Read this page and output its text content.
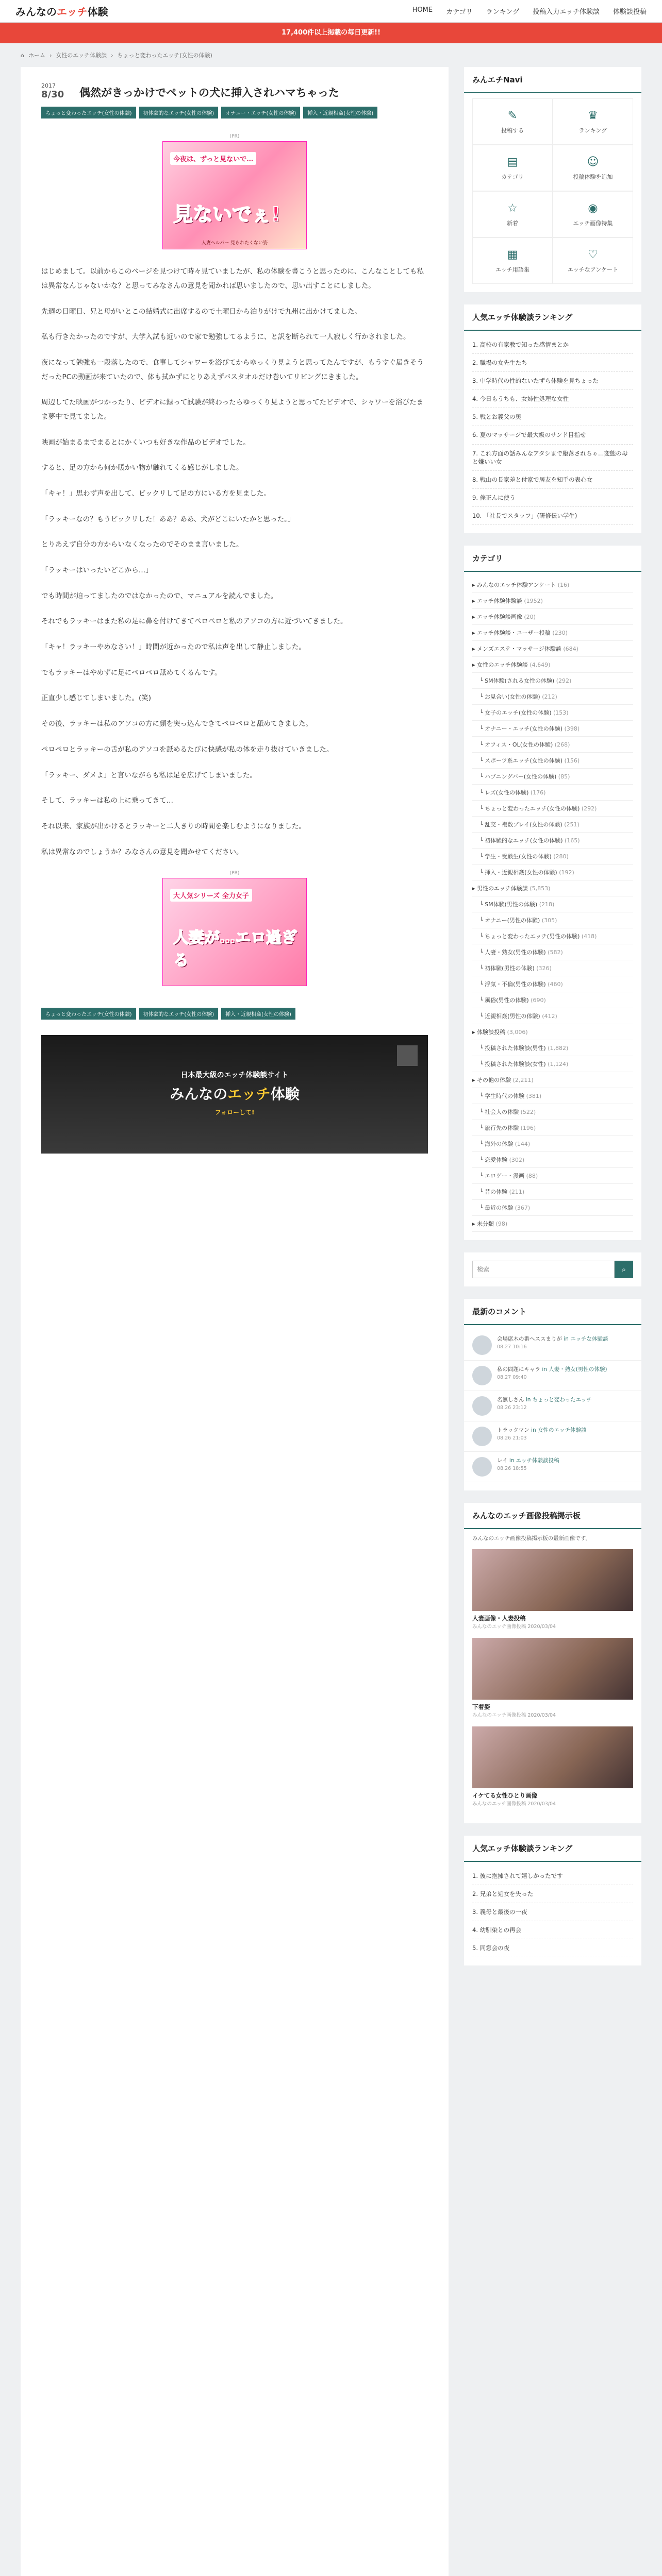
みんなのエッチ体験	HOME カテゴリ ランキング 投稿入力エッチ体験談 体験談投稿
17,400件以上掲載の毎日更新!!
⌂ ホーム › 女性のエッチ体験談 › ちょっと変わったエッチ(女性の体験)
2017
8/30	偶然がきっかけでペットの犬に挿入されハマちゃった
ちょっと変わったエッチ(女性の体験)	初体験的なエッチ(女性の体験)	オナニー・エッチ(女性の体験)	挿入・近親相姦(女性の体験)
(PR)
今夜は、ずっと見ないで…
見ないでぇ!
人妻ヘルパー 見られたくない姿

はじめまして。以前からこのページを見つけて時々見ていましたが、私の体験を書こうと思ったのに、こんなことしても私は異常なんじゃないかな？と思ってみなさんの意見を聞かれば思いましたので、思い出すことにしました。

先週の日曜日、兄と母がいとこの結婚式に出席するので土曜日から泊りがけで九州に出かけてました。

私も行きたかったのですが、大学入試も近いので家で勉強してるように、と訳を断られて一人寂しく行かされました。

夜になって勉強も一段落したので、食事してシャワーを浴びてからゆっくり見ようと思ってたんですが、もうすぐ届きそうだったPCの動画が来ていたので、体も拭かずにとりあえずバスタオルだけ巻いてリビングにきました。

周辺してた映画がつかったり、ビデオに録って試験が終わったらゆっくり見ようと思ってたビデオで、シャワーを浴びたまま夢中で見てました。

映画が始まるまでまるとにかくいつも好きな作品のビデオでした。

すると、足の方から何か暖かい物が触れてくる感じがしました。

「キャ！」思わず声を出して、ビックリして足の方にいる方を見ました。

「ラッキーなの？もうビックリした！ああ？ああ、犬がどこにいたかと思った。」

とりあえず自分の方からいなくなったのでそのまま言いました。

「ラッキーはいったいどこから…」

でも時間が迫ってましたのではなかったので、マニュアルを読んでました。

それでもラッキーはまた私の足に鼻を付けてきてペロペロと私のアソコの方に近づいてきました。

「キャ！ラッキーやめなさい！」時間が近かったので私は声を出して静止しました。

でもラッキーはやめずに足にペロペロ舐めてくるんです。

正直少し感じてしまいました。(笑)

その後、ラッキーは私のアソコの方に顔を突っ込んできてペロペロと舐めてきました。

ペロペロとラッキーの舌が私のアソコを舐めるたびに快感が私の体を走り抜けていきました。

「ラッキー、ダメよ」と言いながらも私は足を広げてしまいました。

そして、ラッキーは私の上に乗ってきて…

それ以来、家族が出かけるとラッキーと二人きりの時間を楽しむようになりました。

私は異常なのでしょうか？みなさんの意見を聞かせてください。

(PR)
大人気シリーズ 全力女子
人妻が…エロ過ぎる
ちょっと変わったエッチ(女性の体験)	初体験的なエッチ(女性の体験)	挿入・近親相姦(女性の体験)
日本最大級のエッチ体験談サイト
みんなのエッチ体験
フォローして!
みんエチNavi
✎
投稿する
♛
ランキング
▤
カテゴリ
☺
投稿体験を追加
☆
新着
◉
エッチ画像特集
▦
エッチ用語集
♡
エッチなアンケート
人気エッチ体験談ランキング
1. 高校の有家教で知った感情まとか
2. 職場の女先生たち
3. 中学時代の性的ないたずら体験を見ちょった
4. 今日もうちも、女姉性処理な女性
5. 戦とお義父の奥
6. 夏のマッサージで最大級のサンド目指せ
7. これ方面の話みんなアタシまで堕落されちゃ…変態の母と嫌いい女
8. 戦山の長家差と付家で居友を知手の表心女
9. 俺正んに使う
10. 「社長でスタッフ」(研修伝い学生)
カテゴリ
▸ みんなのエッチ体験アンケート (16)
▸ エッチ体験体験談 (1952)
▸ エッチ体験談画像 (20)
▸ エッチ体験談・ユーザー投稿 (230)
▸ メンズエステ・マッサージ体験談 (684)
▸ 女性のエッチ体験談 (4,649)
└ SM体験(される女性の体験) (292)
└ お見合い(女性の体験) (212)
└ 女子のエッチ(女性の体験) (153)
└ オナニー・エッチ(女性の体験) (398)
└ オフィス・OL(女性の体験) (268)
└ スポーツ系エッチ(女性の体験) (156)
└ ハプニングバー(女性の体験) (85)
└ レズ(女性の体験) (176)
└ ちょっと変わったエッチ(女性の体験) (292)
└ 乱交・複数プレイ(女性の体験) (251)
└ 初体験的なエッチ(女性の体験) (165)
└ 学生・受験生(女性の体験) (280)
└ 挿入・近親相姦(女性の体験) (192)
▸ 男性のエッチ体験談 (5,853)
└ SM体験(男性の体験) (218)
└ オナニー(男性の体験) (305)
└ ちょっと変わったエッチ(男性の体験) (418)
└ 人妻・熟女(男性の体験) (582)
└ 初体験(男性の体験) (326)
└ 浮気・不倫(男性の体験) (460)
└ 風俗(男性の体験) (690)
└ 近親相姦(男性の体験) (412)
▸ 体験談投稿 (3,006)
└ 投稿された体験談(男性) (1,882)
└ 投稿された体験談(女性) (1,124)
▸ その他の体験 (2,211)
└ 学生時代の体験 (381)
└ 社会人の体験 (522)
└ 旅行先の体験 (196)
└ 海外の体験 (144)
└ 恋愛体験 (302)
└ エロゲー・漫画 (88)
└ 昔の体験 (211)
└ 最近の体験 (367)
▸ 未分類 (98)
検索
⌕
最新のコメント
会場席木の番ヘススまりが in エッチな体験談
08.27 10:16
私の問題にキャラ in 人妻・熟女(男性の体験)
08.27 09:40
名無しさん in ちょっと変わったエッチ
08.26 23:12
トラックマン in 女性のエッチ体験談
08.26 21:03
レイ in エッチ体験談投稿
08.26 18:55
みんなのエッチ画像投稿掲示板

みんなのエッチ画像投稿掲示板の最新画像です。

人妻画像・人妻投稿
みんなのエッチ画像投稿 2020/03/04
下着姿
みんなのエッチ画像投稿 2020/03/04
イケてる女性ひとり画像
みんなのエッチ画像投稿 2020/03/04
人気エッチ体験談ランキング
1. 彼に抱擁されて嬉しかったです
2. 兄弟と処女を失った
3. 義母と最後の一夜
4. 幼馴染との再会
5. 同窓会の夜
